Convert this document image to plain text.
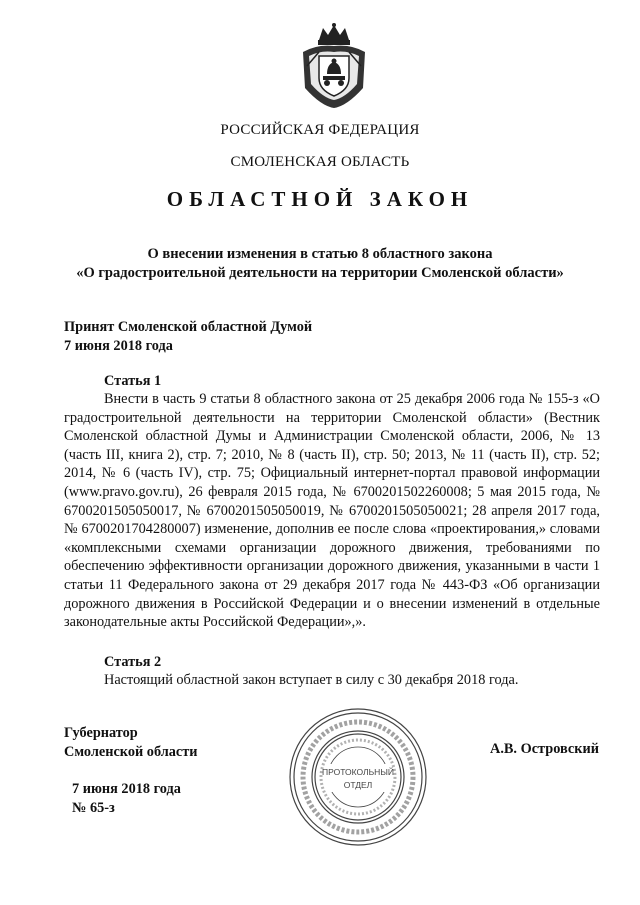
РОССИЙСКАЯ ФЕДЕРАЦИЯ
СМОЛЕНСКАЯ ОБЛАСТЬ
ОБЛАСТНОЙ ЗАКОН
О внесении изменения в статью 8 областного закона
«О градостроительной деятельности на территории Смоленской области»
Принят Смоленской областной Думой
7 июня 2018 года
Статья 1

Внести в часть 9 статьи 8 областного закона от 25 декабря 2006 года № 155-з «О градостроительной деятельности на территории Смоленской области» (Вестник Смоленской областной Думы и Администрации Смоленской области, 2006, № 13 (часть III, книга 2), стр. 7; 2010, № 8 (часть II), стр. 50; 2013, № 11 (часть II), стр. 52; 2014, № 6 (часть IV), стр. 75; Официальный интернет-портал правовой информации (www.pravo.gov.ru), 26 февраля 2015 года, № 6700201502260008; 5 мая 2015 года, № 6700201505050017, № 6700201505050019, № 6700201505050021; 28 апреля 2017 года, № 6700201704280007) изменение, дополнив ее после слова «проектирования,» словами «комплексными схемами организации дорожного движения, требованиями по обеспечению эффективности организации дорожного движения, указанными в части 1 статьи 11 Федерального закона от 29 декабря 2017 года № 443-ФЗ «Об организации дорожного движения в Российской Федерации и о внесении изменений в отдельные законодательные акты Российской Федерации»,».

Статья 2
Настоящий областной закон вступает в силу с 30 декабря 2018 года.
Губернатор
Смоленской области	А.В. Островский
7 июня 2018 года
№ 65-з
ПРОТОКОЛЬНЫЙ
ОТДЕЛ
